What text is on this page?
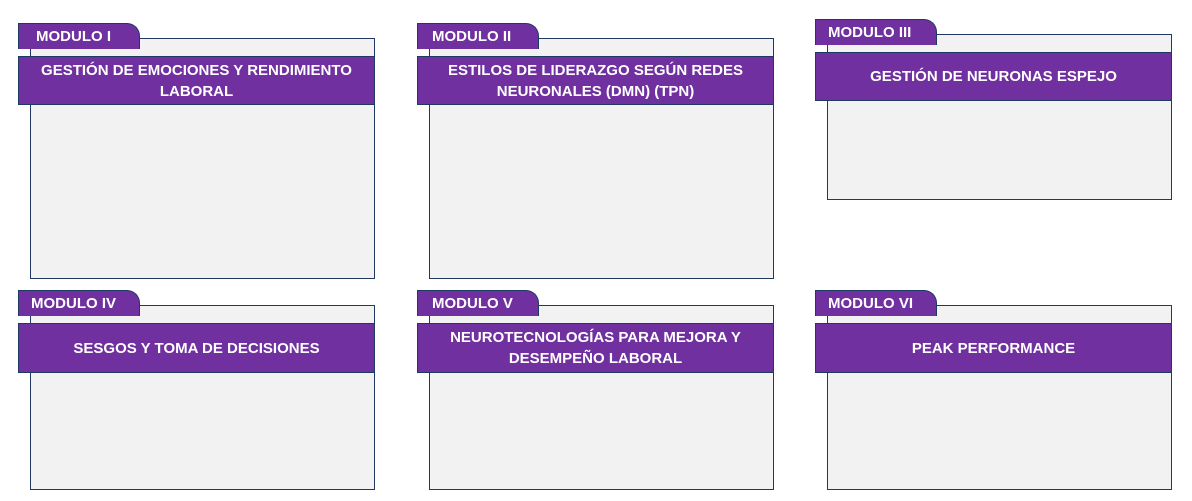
MODULO I
GESTIÓN DE EMOCIONES Y RENDIMIENTO
LABORAL
•
•
•
•
MODULO II
ESTILOS DE LIDERAZGO SEGÚN REDES
NEURONALES (DMN) (TPN)
•
•
•
•
MODULO III
GESTIÓN DE NEURONAS ESPEJO
•
•
•
MODULO IV
SESGOS Y TOMA DE DECISIONES
•
•
•
•
MODULO V
NEUROTECNOLOGÍAS PARA MEJORA Y
DESEMPEÑO LABORAL
•
•
•
MODULO VI
PEAK PERFORMANCE
•
•
•
